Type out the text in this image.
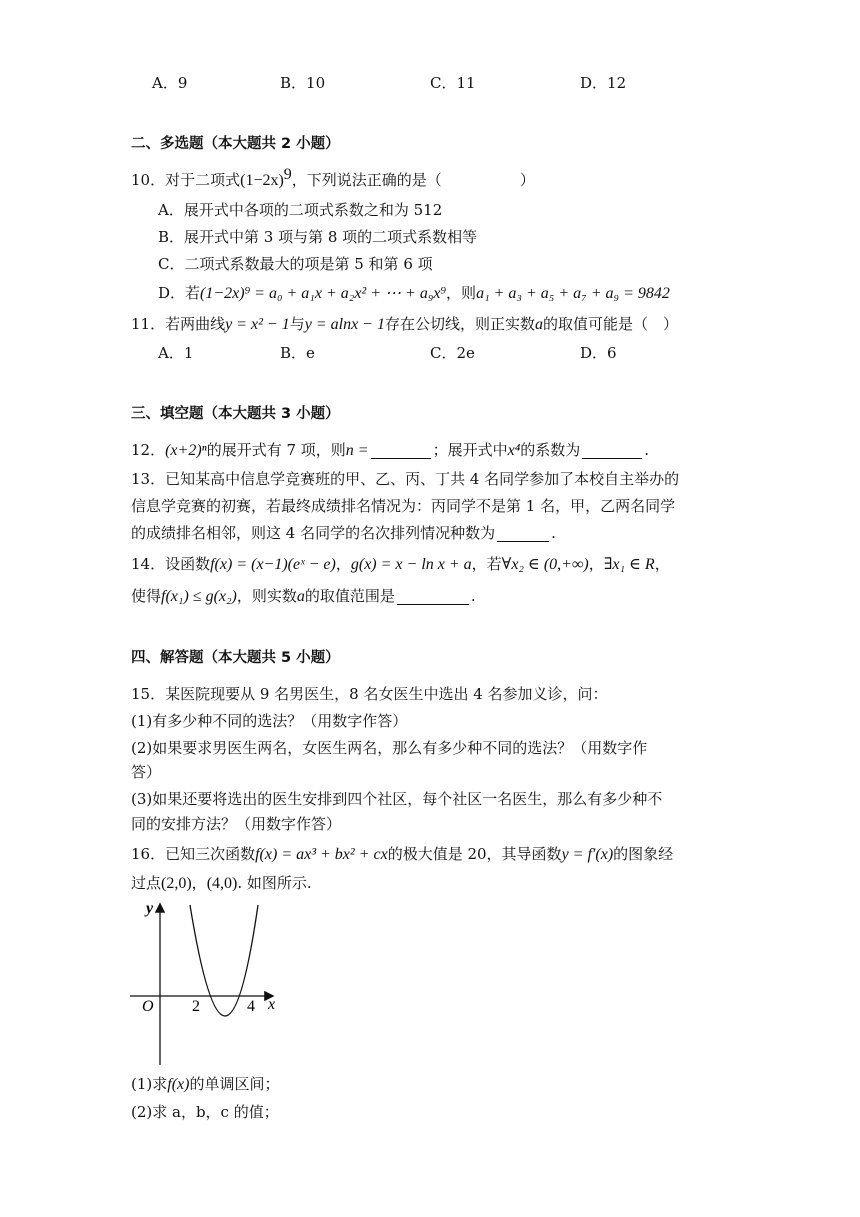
A．9	B．10	C．11	D．12
二、多选题（本大题共 2 小题）
10．对于二项式$(1-2x)^9$，下列说法正确的是（	）
A．展开式中各项的二项式系数之和为 512
B．展开式中第 3 项与第 8 项的二项式系数相等
C．二项式系数最大的项是第 5 和第 6 项
D．若(1−2x)⁹ = a₀ + a₁x + a₂x² + ⋯ + a₉x⁹，则a₁ + a₃ + a₅ + a₇ + a₉ = 9842
11．若两曲线y = x² − 1与y = alnx − 1存在公切线，则正实数a的取值可能是（　）
A．1	B．e	C．2e	D．6
三、填空题（本大题共 3 小题）
12．(x+2)ⁿ的展开式有 7 项，则n =	；展开式中x⁴的系数为	.
13．已知某高中信息学竞赛班的甲、乙、丙、丁共 4 名同学参加了本校自主举办的
信息学竞赛的初赛，若最终成绩排名情况为：丙同学不是第 1 名，甲，乙两名同学
的成绩排名相邻，则这 4 名同学的名次排列情况种数为	.
14．设函数f(x) = (x−1)(eˣ − e)，g(x) = x − ln x + a，若∀x₂ ∈ (0,+∞)，∃x₁ ∈ R，
使得f(x₁) ≤ g(x₂)，则实数a的取值范围是	.
四、解答题（本大题共 5 小题）
15．某医院现要从 9 名男医生，8 名女医生中选出 4 名参加义诊，问：
(1)有多少种不同的选法？（用数字作答）
(2)如果要求男医生两名，女医生两名，那么有多少种不同的选法？（用数字作
答）
(3)如果还要将选出的医生安排到四个社区，每个社区一名医生，那么有多少种不
同的安排方法？（用数字作答）
16．已知三次函数f(x) = ax³ + bx² + cx的极大值是 20，其导函数y = f′(x)的图象经
过点(2,0)，(4,0). 如图所示.
y
x
O 2	4
(1)求f(x)的单调区间；
(2)求 a，b，c 的值；
